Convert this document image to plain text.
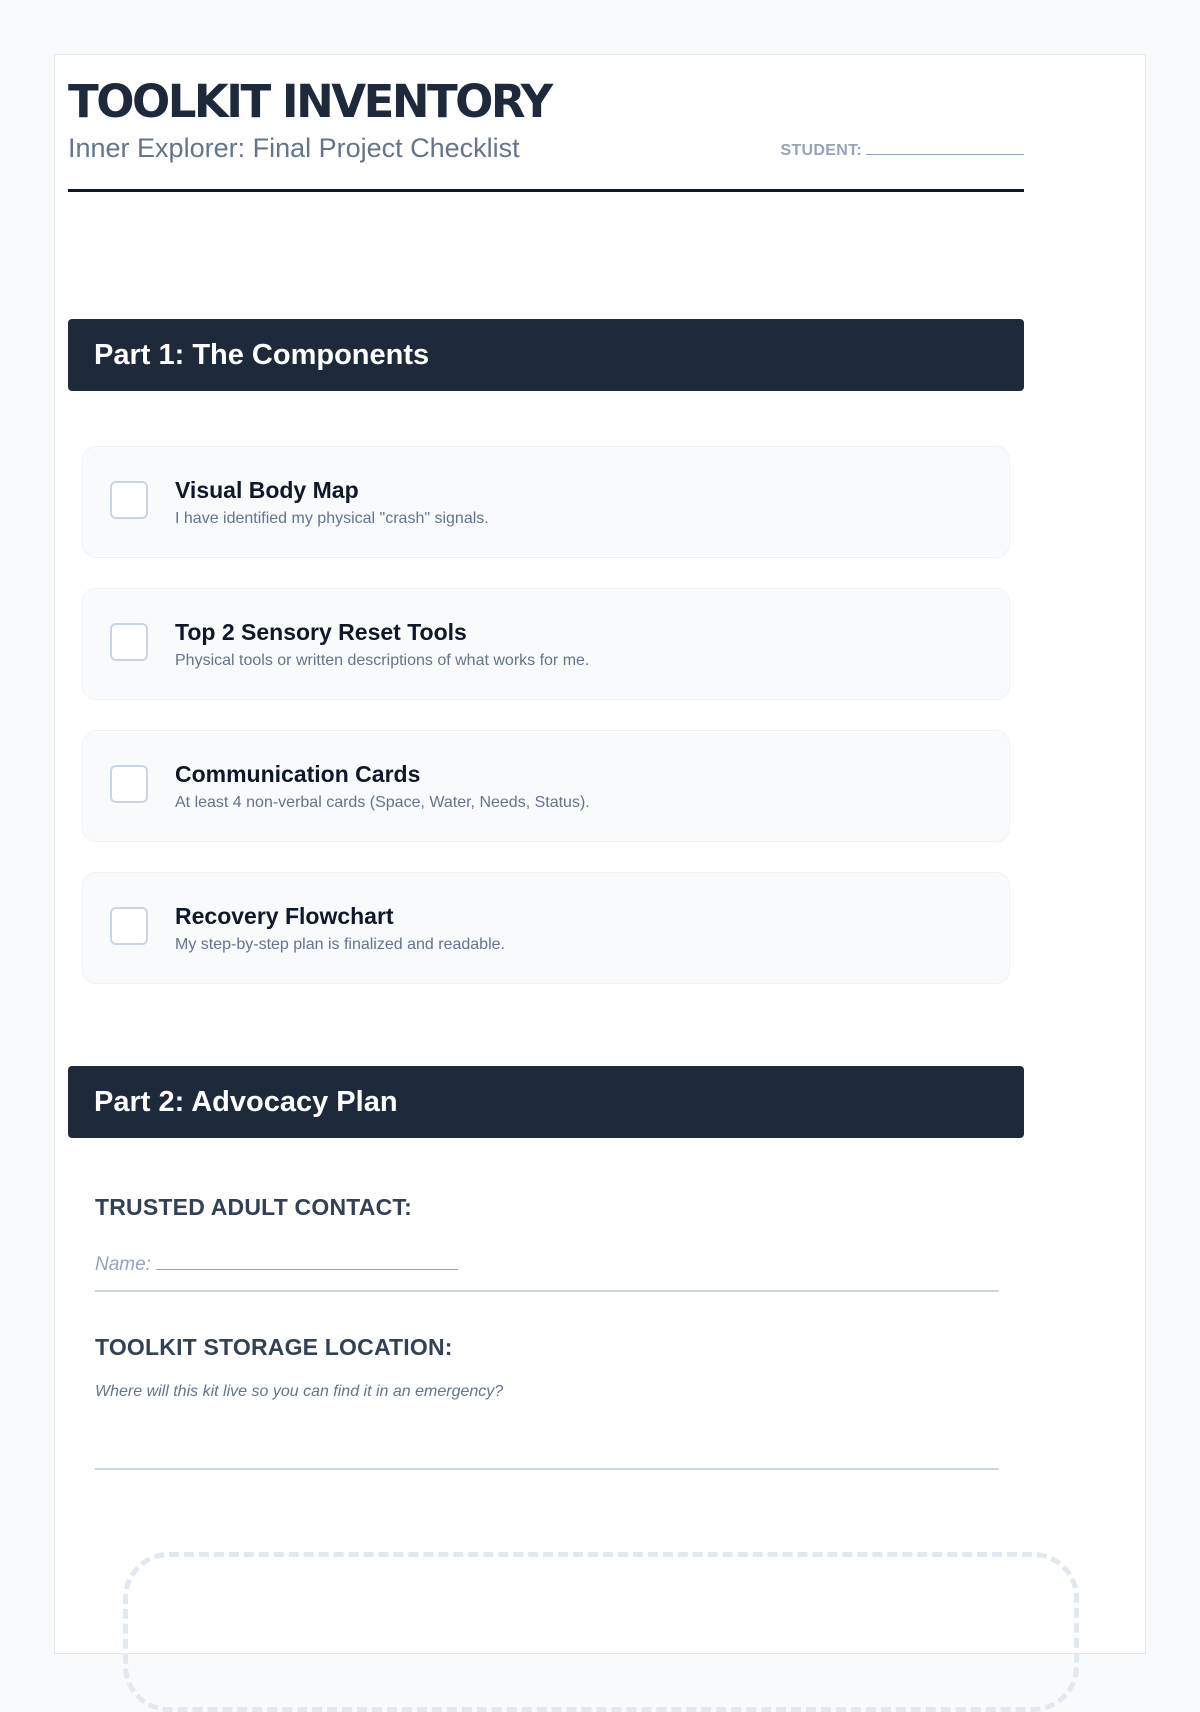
TOOLKIT INVENTORY
Inner Explorer: Final Project Checklist	STUDENT:
Part 1: The Components
Visual Body Map
I have identified my physical "crash" signals.
Top 2 Sensory Reset Tools
Physical tools or written descriptions of what works for me.
Communication Cards
At least 4 non-verbal cards (Space, Water, Needs, Status).
Recovery Flowchart
My step-by-step plan is finalized and readable.
Part 2: Advocacy Plan
TRUSTED ADULT CONTACT:
Name:
TOOLKIT STORAGE LOCATION:
Where will this kit live so you can find it in an emergency?
